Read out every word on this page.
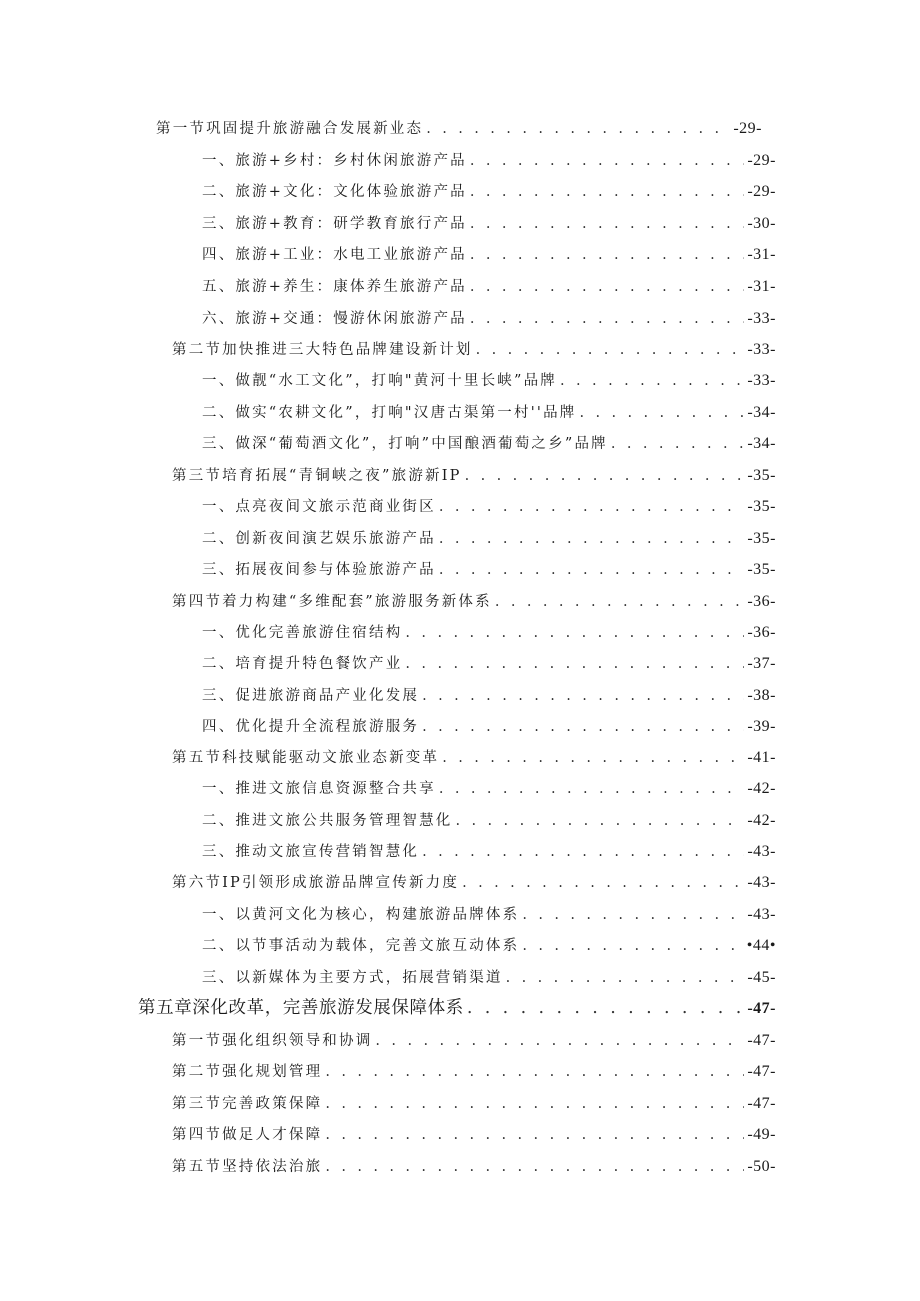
第一节巩固提升旅游融合发展新业态 . . .	-29-
一、旅游+乡村：乡村休闲旅游产品 . . .	-29-
二、旅游+文化：文化体验旅游产品 . . .	-29-
三、旅游+教育：研学教育旅行产品 . . .	-30-
四、旅游+工业：水电工业旅游产品 . . .	-31-
五、旅游+养生：康体养生旅游产品 . . .	-31-
六、旅游+交通：慢游休闲旅游产品 . . .	-33-
第二节加快推进三大特色品牌建设新计划 . . .	-33-
一、做靓“水工文化”，打响"黄河十里长峡”品牌 . . .	-33-
二、做实“农耕文化”，打响"汉唐古渠第一村''品牌 . . .	-34-
三、做深“葡萄酒文化”，打响”中国酿酒葡萄之乡”品牌 . . .	-34-
第三节培育拓展“青铜峡之夜”旅游新IP . . .	-35-
一、点亮夜间文旅示范商业街区 . . .	-35-
二、创新夜间演艺娱乐旅游产品 . . .	-35-
三、拓展夜间参与体验旅游产品 . . .	-35-
第四节着力构建“多维配套”旅游服务新体系 . . .	-36-
一、优化完善旅游住宿结构 . . .	-36-
二、培育提升特色餐饮产业 . . .	-37-
三、促进旅游商品产业化发展 . . .	-38-
四、优化提升全流程旅游服务 . . .	-39-
第五节科技赋能驱动文旅业态新变革 . . .	-41-
一、推进文旅信息资源整合共享 . . .	-42-
二、推进文旅公共服务管理智慧化 . . .	-42-
三、推动文旅宣传营销智慧化 . . .	-43-
第六节IP引领形成旅游品牌宣传新力度 . . .	-43-
一、以黄河文化为核心，构建旅游品牌体系 . . .	-43-
二、以节事活动为载体，完善文旅互动体系 . . .	•44•
三、以新媒体为主要方式，拓展营销渠道 . . .	-45-
第五章深化改革，完善旅游发展保障体系 . . .	-47-
第一节强化组织领导和协调 . . .	-47-
第二节强化规划管理 . . .	-47-
第三节完善政策保障 . . .	-47-
第四节做足人才保障 . . .	-49-
第五节坚持依法治旅 . . .	-50-
